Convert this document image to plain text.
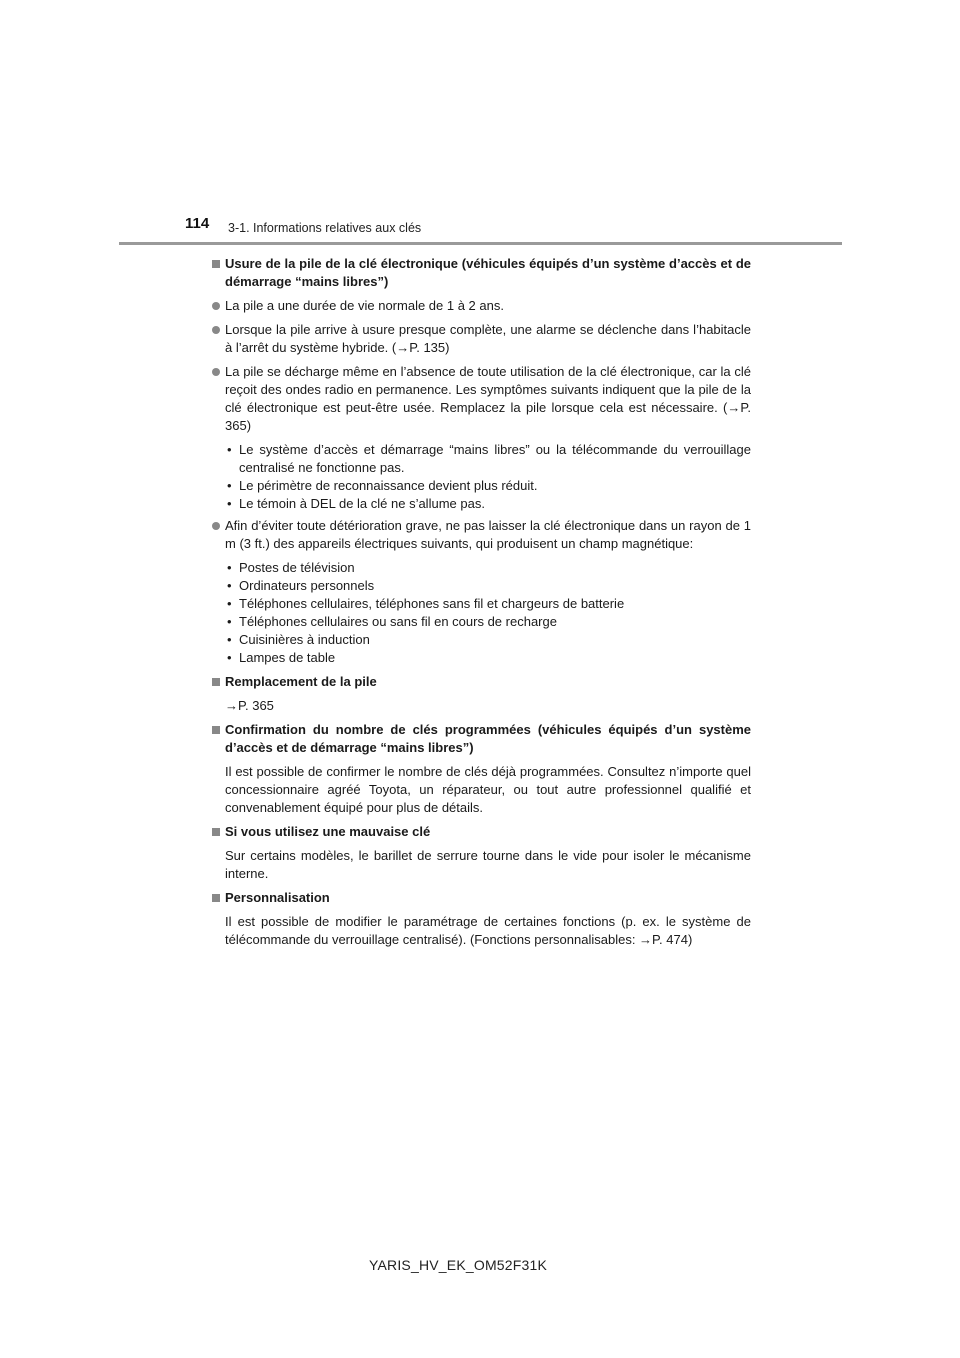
114 3-1. Informations relatives aux clés
Usure de la pile de la clé électronique (véhicules équipés d’un système d’accès et de démarrage “mains libres”)
La pile a une durée de vie normale de 1 à 2 ans.
Lorsque la pile arrive à usure presque complète, une alarme se déclenche dans l’habitacle à l’arrêt du système hybride. (→P. 135)
La pile se décharge même en l’absence de toute utilisation de la clé électronique, car la clé reçoit des ondes radio en permanence. Les symptômes suivants indiquent que la pile de la clé électronique est peut-être usée. Remplacez la pile lorsque cela est nécessaire. (→P. 365)
• Le système d’accès et démarrage “mains libres” ou la télécommande du verrouillage centralisé ne fonctionne pas.
• Le périmètre de reconnaissance devient plus réduit.
• Le témoin à DEL de la clé ne s’allume pas.
Afin d’éviter toute détérioration grave, ne pas laisser la clé électronique dans un rayon de 1 m (3 ft.) des appareils électriques suivants, qui produisent un champ magnétique:
• Postes de télévision
• Ordinateurs personnels
• Téléphones cellulaires, téléphones sans fil et chargeurs de batterie
• Téléphones cellulaires ou sans fil en cours de recharge
• Cuisinières à induction
• Lampes de table
Remplacement de la pile
→P. 365
Confirmation du nombre de clés programmées (véhicules équipés d’un système d’accès et de démarrage “mains libres”)
Il est possible de confirmer le nombre de clés déjà programmées. Consultez n’importe quel concessionnaire agréé Toyota, un réparateur, ou tout autre professionnel qualifié et convenablement équipé pour plus de détails.
Si vous utilisez une mauvaise clé
Sur certains modèles, le barillet de serrure tourne dans le vide pour isoler le mécanisme interne.
Personnalisation
Il est possible de modifier le paramétrage de certaines fonctions (p. ex. le système de télécommande du verrouillage centralisé). (Fonctions personnalisables: →P. 474)
YARIS_HV_EK_OM52F31K
